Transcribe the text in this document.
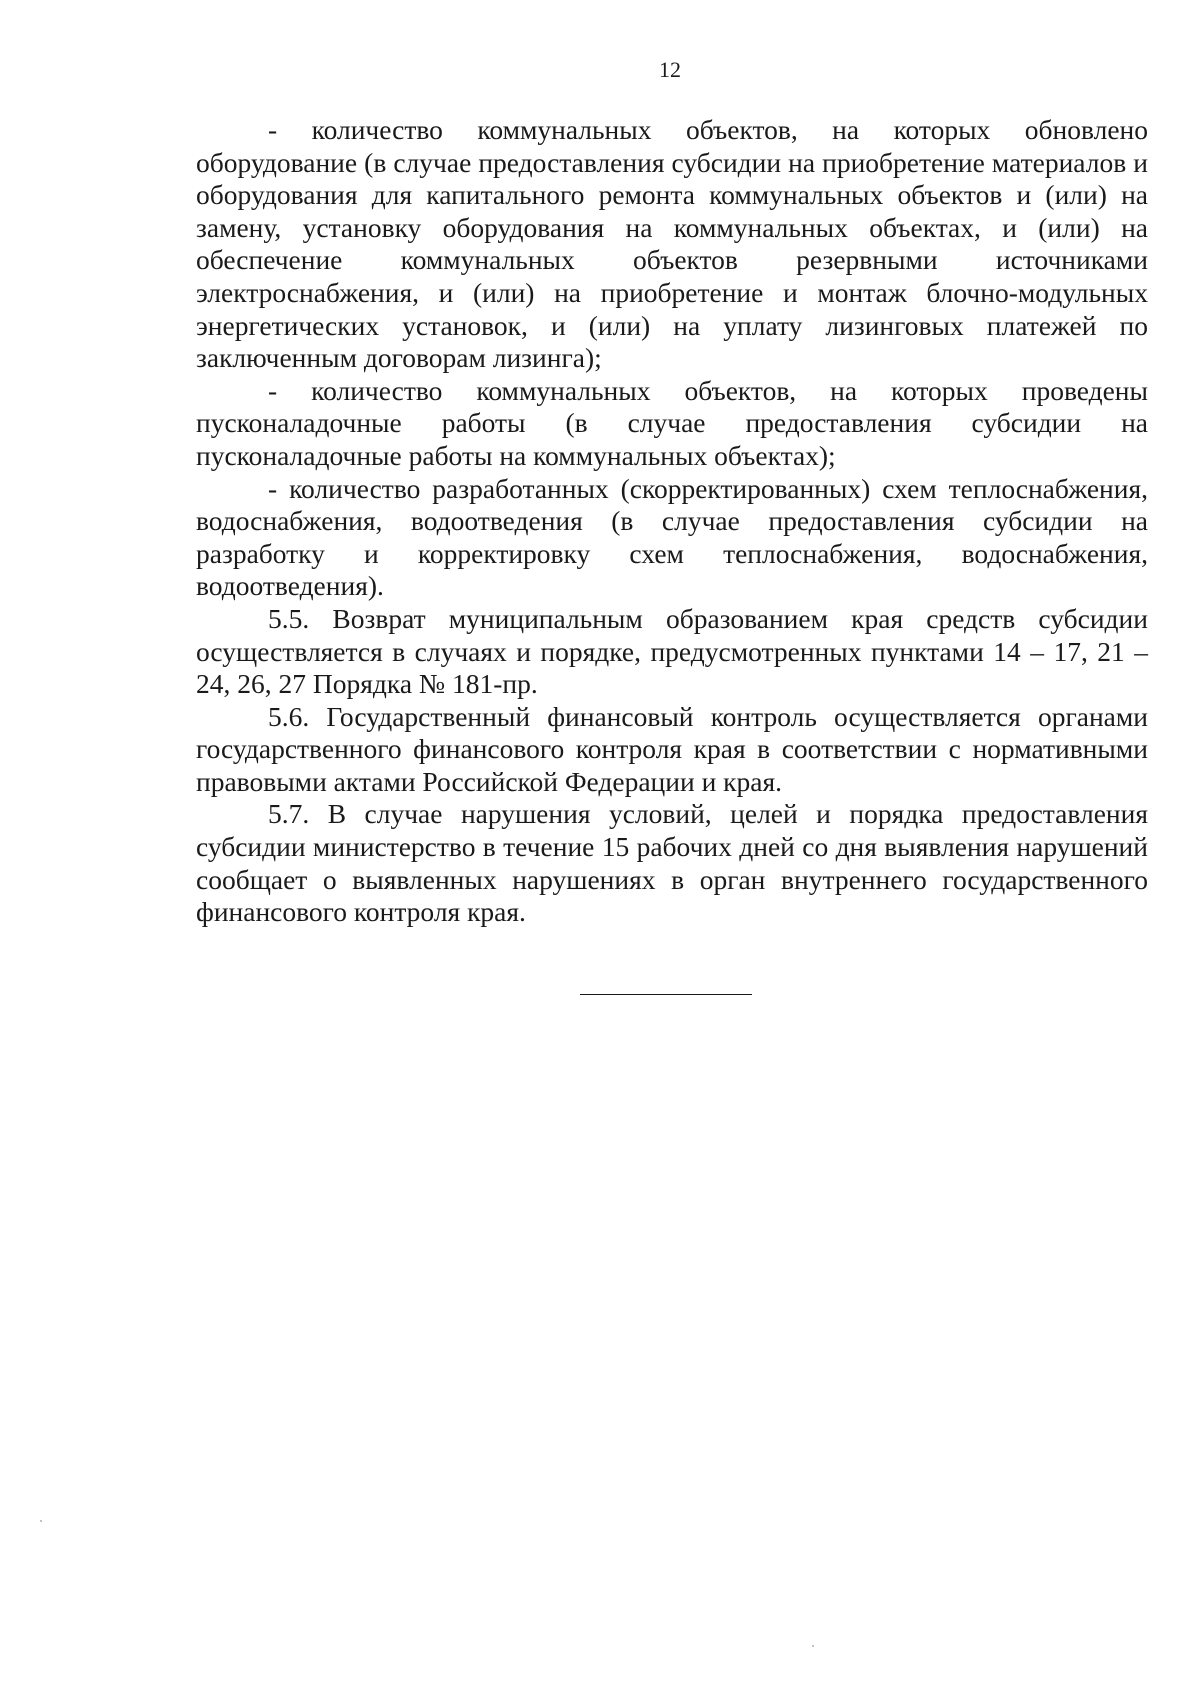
12

- количество коммунальных объектов, на которых обновлено оборудование (в случае предоставления субсидии на приобретение материалов и оборудования для капитального ремонта коммунальных объектов и (или) на замену, установку оборудования на коммунальных объектах, и (или) на обеспечение коммунальных объектов резервными источниками электроснабжения, и (или) на приобретение и монтаж блочно-модульных энергетических установок, и (или) на уплату лизинговых платежей по заключенным договорам лизинга);

- количество коммунальных объектов, на которых проведены пусконаладочные работы (в случае предоставления субсидии на пусконаладочные работы на коммунальных объектах);

- количество разработанных (скорректированных) схем теплоснабжения, водоснабжения, водоотведения (в случае предоставления субсидии на разработку и корректировку схем теплоснабжения, водоснабжения, водоотведения).

5.5. Возврат муниципальным образованием края средств субсидии осуществляется в случаях и порядке, предусмотренных пунктами 14 – 17, 21 – 24, 26, 27 Порядка № 181-пр.

5.6. Государственный финансовый контроль осуществляется органами государственного финансового контроля края в соответствии с нормативными правовыми актами Российской Федерации и края.

5.7. В случае нарушения условий, целей и порядка предоставления субсидии министерство в течение 15 рабочих дней со дня выявления нарушений сообщает о выявленных нарушениях в орган внутреннего государственного финансового контроля края.
